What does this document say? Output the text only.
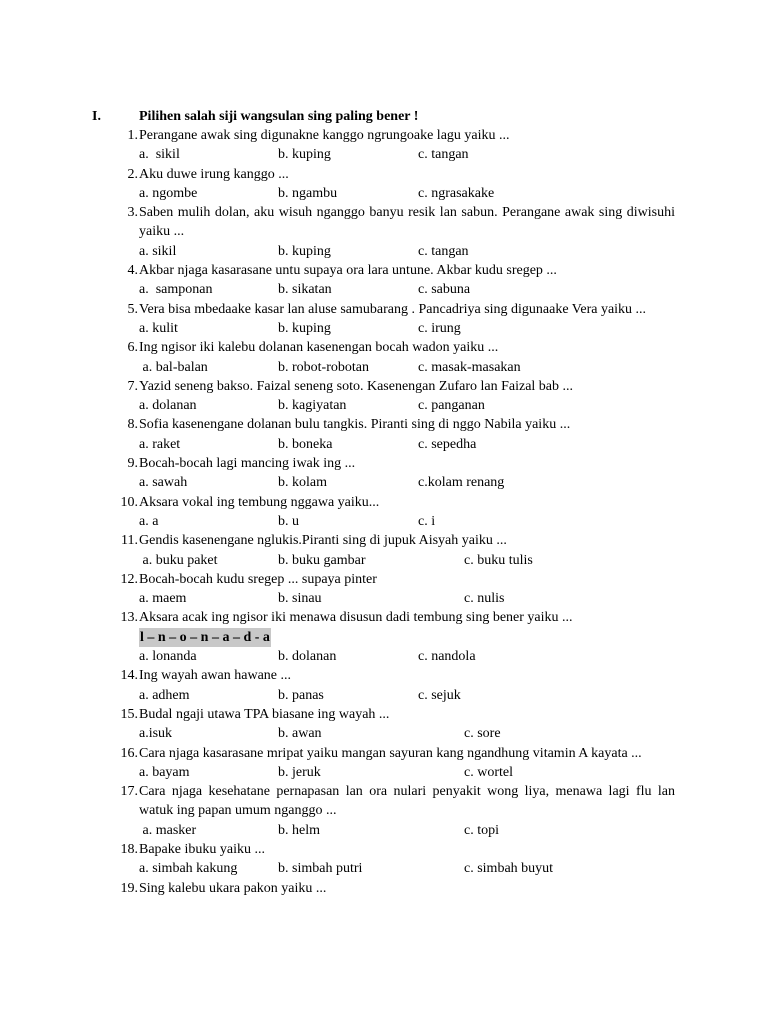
I.	Pilihen salah siji wangsulan sing paling bener !
1. Perangane awak sing digunakne kanggo ngrungoake lagu yaiku ...
a.  sikil	b. kuping	c. tangan
2. Aku duwe irung kanggo ...
a. ngombe	b. ngambu	c. ngrasakake
3. Saben mulih dolan, aku wisuh nganggo banyu resik lan sabun. Perangane awak sing diwisuhi yaiku ...
a. sikil	b. kuping	c. tangan
4. Akbar njaga kasarasane untu supaya ora lara untune. Akbar kudu sregep ...
a.  samponan	b. sikatan	c. sabuna
5. Vera bisa mbedaake kasar lan aluse samubarang . Pancadriya sing digunaake Vera yaiku ...
a. kulit	b. kuping	c. irung
6. Ing ngisor iki kalebu dolanan kasenengan bocah wadon yaiku ...
a. bal-balan	b. robot-robotan	c. masak-masakan
7. Yazid seneng bakso. Faizal seneng soto. Kasenengan Zufaro lan Faizal bab ...
a. dolanan	b. kagiyatan	c. panganan
8. Sofia kasenengane dolanan bulu tangkis. Piranti sing di nggo Nabila yaiku ...
a. raket	b. boneka	c. sepedha
9. Bocah-bocah lagi mancing iwak ing ...
a. sawah	b. kolam	c.kolam renang
10. Aksara vokal ing tembung nggawa yaiku...
a. a	b. u	c. i
11. Gendis kasenengane nglukis.Piranti sing di jupuk Aisyah yaiku ...
a. buku paket	b. buku gambar	c. buku tulis
12. Bocah-bocah kudu sregep ... supaya pinter
a. maem	b. sinau	c. nulis
13. Aksara acak ing ngisor iki menawa disusun dadi tembung sing bener yaiku ...
l – n – o – n – a – d - a
a. lonanda	b. dolanan	c. nandola
14. Ing wayah awan hawane ...
a. adhem	b. panas	c. sejuk
15. Budal ngaji utawa TPA biasane ing wayah ...
a.isuk	b. awan	c. sore
16. Cara njaga kasarasane mripat yaiku mangan sayuran kang ngandhung vitamin A kayata ...
a. bayam	b. jeruk	c. wortel
17. Cara njaga kesehatane pernapasan lan ora nulari penyakit wong liya, menawa lagi flu lan watuk ing papan umum nganggo ...
a. masker	b. helm	c. topi
18. Bapake ibuku yaiku ...
a. simbah kakung	b. simbah putri	c. simbah buyut
19. Sing kalebu ukara pakon yaiku ...
